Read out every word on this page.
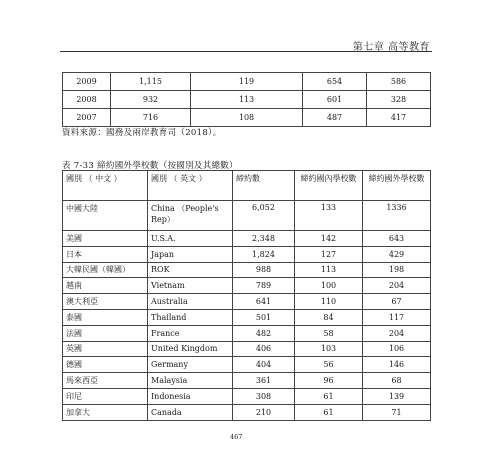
第七章 高等教育
2009	1,115	119	654	586
2008	932	113	601	328
2007	716	108	487	417
資料來源：國務及兩岸教育司（2018）。
表 7-33 締約國外學校數（按國別及其總數）
國別 （ 中文 ）	國別 （ 英文 ）	締約數	締約國內學校數	締約國外學校數
中國大陸	China （People's Rep）	6,052	133	1336
美國	U.S.A.	2,348	142	643
日本	Japan	1,824	127	429
大韓民國（韓國）	ROK	988	113	198
越南	Vietnam	789	100	204
澳大利亞	Australia	641	110	67
泰國	Thailand	501	84	117
法國	France	482	58	204
英國	United Kingdom	406	103	106
德國	Germany	404	56	146
馬來西亞	Malaysia	361	96	68
印尼	Indonesia	308	61	139
加拿大	Canada	210	61	71
467
